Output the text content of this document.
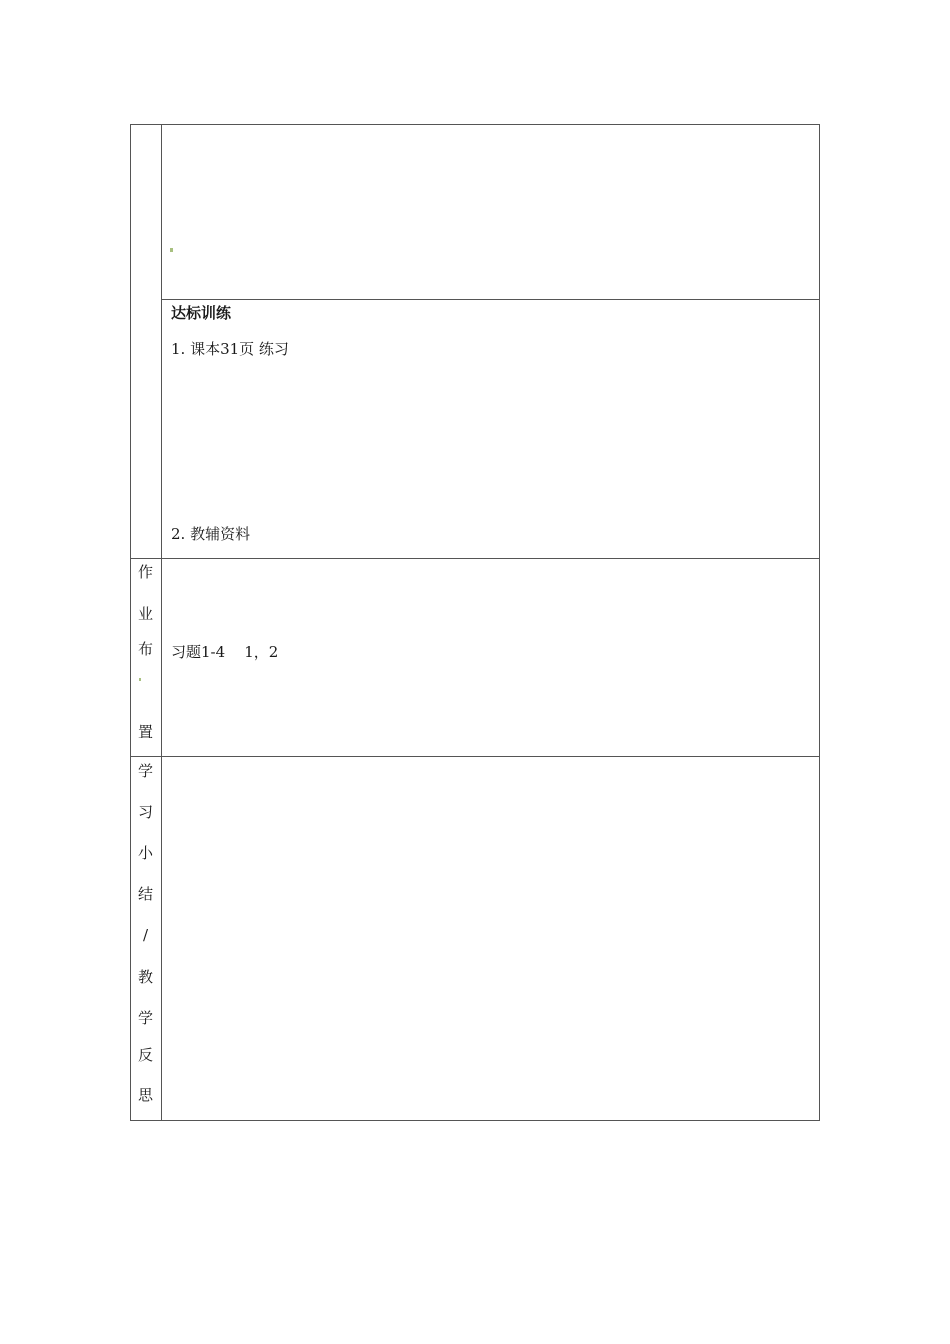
达标训练
1. 课本31页 练习
2. 教辅资料
作
业
布
置
习题1-4    1，2
学
习
小
结
/
教
学
反
思
